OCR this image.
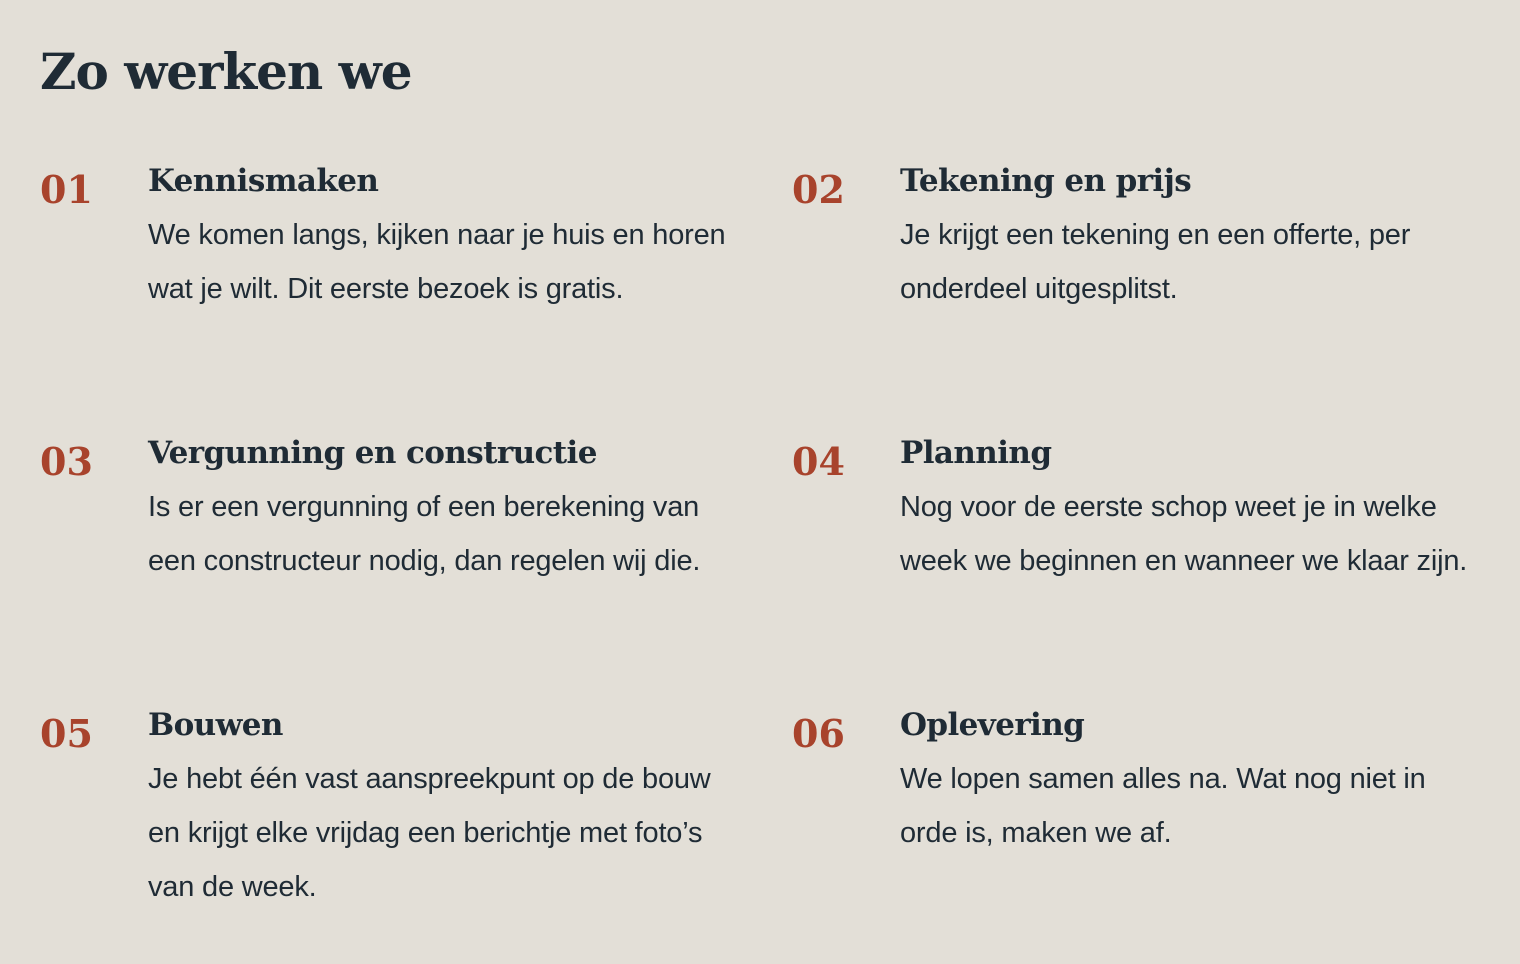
Zo werken we
01 Kennismaken

We komen langs, kijken naar je huis en horen wat je wilt. Dit eerste bezoek is gratis.

02 Tekening en prijs

Je krijgt een tekening en een offerte, per onderdeel uitgesplitst.

03 Vergunning en constructie

Is er een vergunning of een berekening van een constructeur nodig, dan regelen wij die.

04 Planning

Nog voor de eerste schop weet je in welke week we beginnen en wanneer we klaar zijn.

05 Bouwen

Je hebt één vast aanspreekpunt op de bouw en krijgt elke vrijdag een berichtje met foto’s van de week.

06 Oplevering

We lopen samen alles na. Wat nog niet in orde is, maken we af.
